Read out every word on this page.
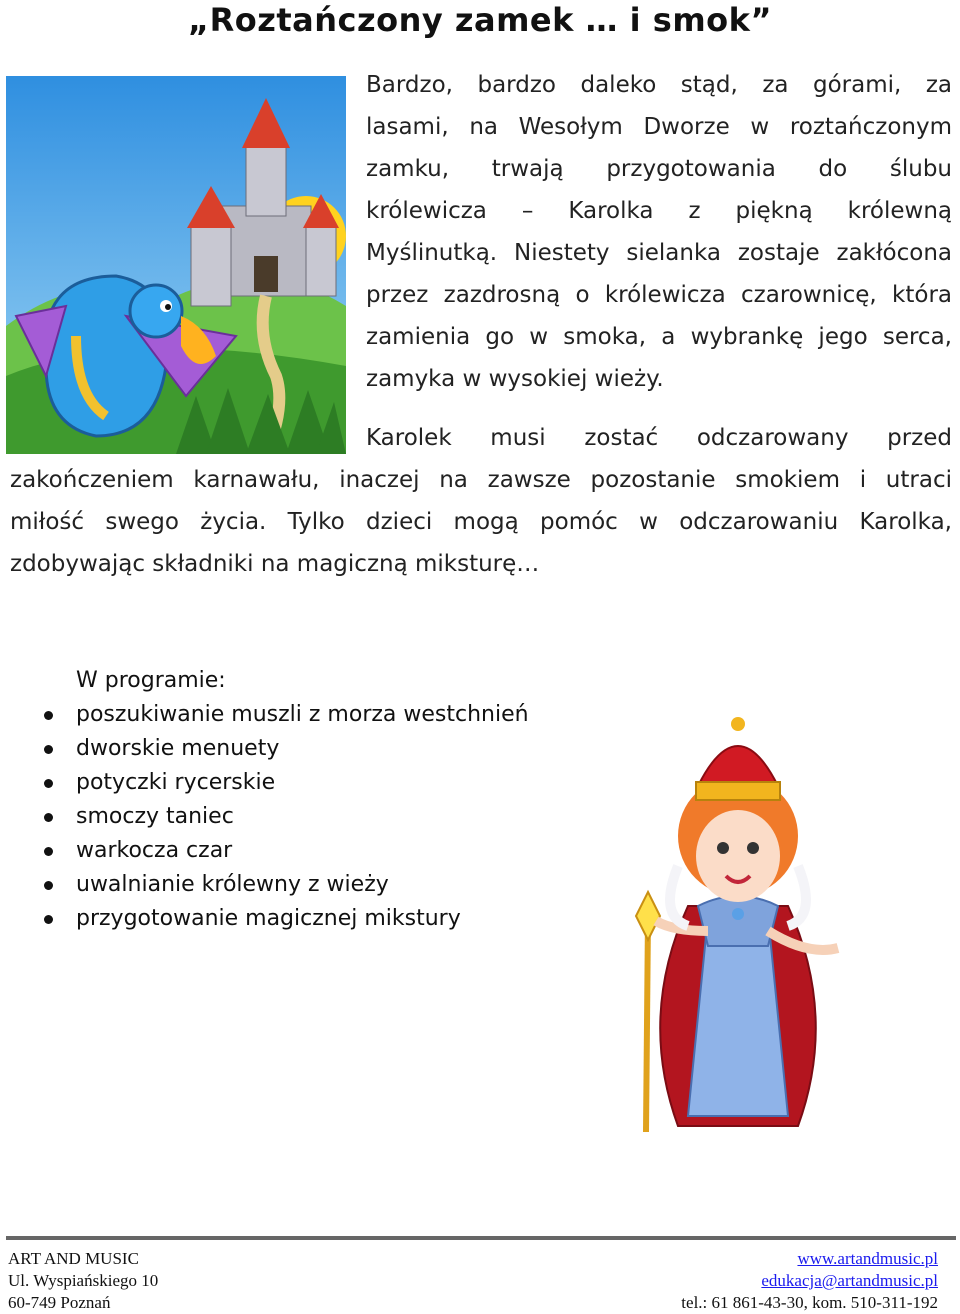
„Roztańczony zamek … i smok”
Bardzo, bardzo daleko stąd, za górami, za
lasami, na Wesołym Dworze w roztańczonym
zamku, trwają przygotowania do ślubu
królewicza – Karolka z piękną królewną
Myślinutką. Niestety sielanka zostaje zakłócona
przez zazdrosną o królewicza czarownicę, która
zamienia go w smoka, a wybrankę jego serca,
zamyka w wysokiej wieży.
Karolek musi zostać odczarowany przed
zakończeniem karnawału, inaczej na zawsze pozostanie smokiem i utraci
miłość swego życia. Tylko dzieci mogą pomóc w odczarowaniu Karolka,
zdobywając składniki na magiczną miksturę…
W programie:
poszukiwanie muszli z morza westchnień
dworskie menuety
potyczki rycerskie
smoczy taniec
warkocza czar
uwalnianie królewny z wieży
przygotowanie magicznej mikstury
ART AND MUSIC
Ul. Wyspiańskiego 10
60-749 Poznań
www.artandmusic.pl
edukacja@artandmusic.pl
tel.: 61 861-43-30, kom. 510-311-192
